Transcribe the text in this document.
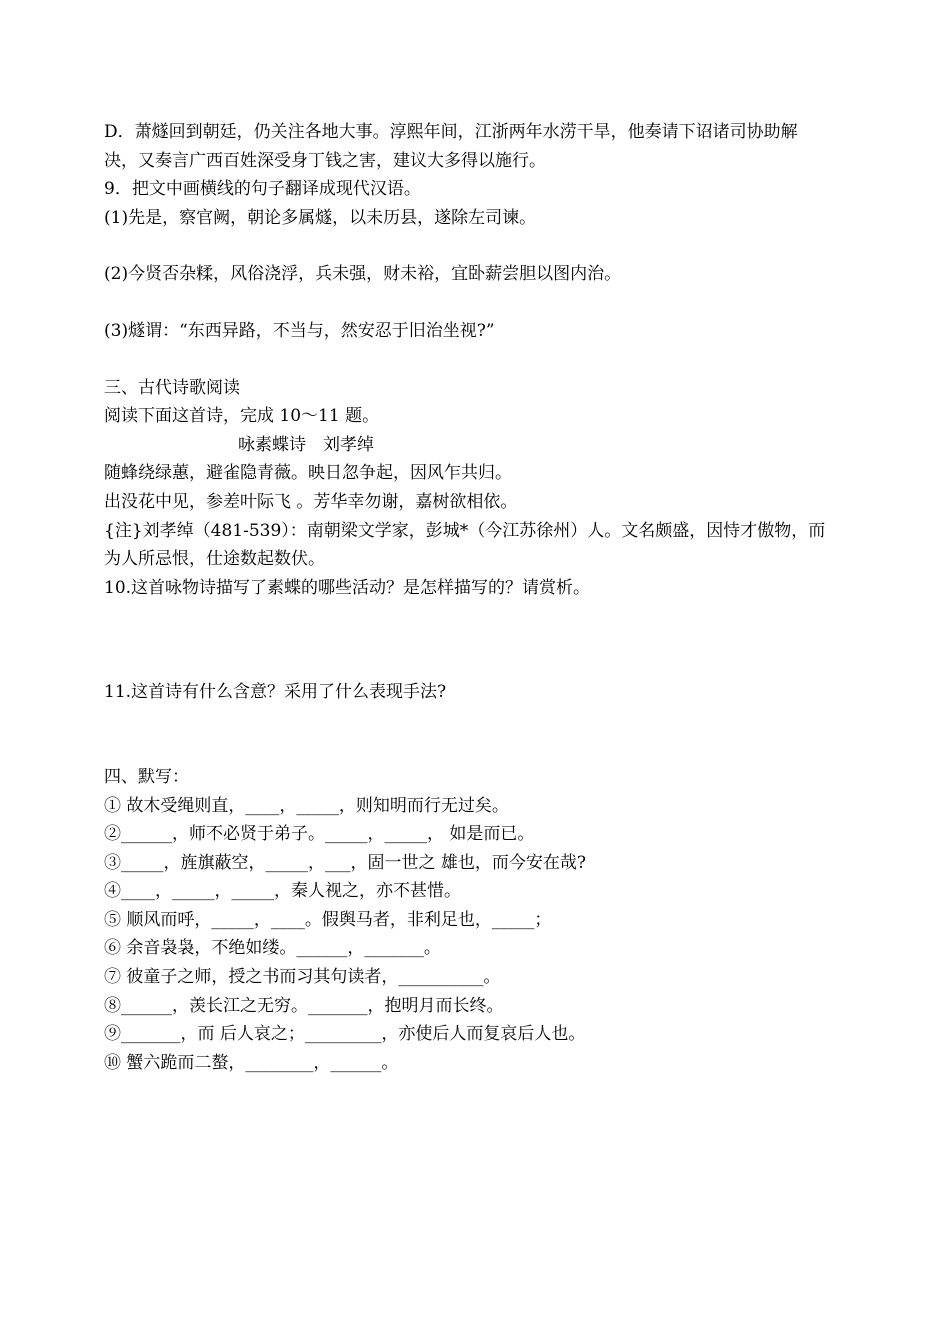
D．萧燧回到朝廷，仍关注各地大事。淳熙年间，江浙两年水涝干旱，他奏请下诏诸司协助解
决，又奏言广西百姓深受身丁钱之害，建议大多得以施行。
9．把文中画横线的句子翻译成现代汉语。
(1)先是，察官阙，朝论多属燧，以未历县，遂除左司谏。
(2)今贤否杂糅，风俗浇浮，兵未强，财未裕，宜卧薪尝胆以图内治。
(3)燧谓：“东西异路，不当与，然安忍于旧治坐视?”
三、古代诗歌阅读
阅读下面这首诗，完成 10～11 题。
咏素蝶诗　刘孝绰
随蜂绕绿蕙，避雀隐青薇。映日忽争起，因风乍共归。
出没花中见，参差叶际飞 。芳华幸勿谢，嘉树欲相依。
{注}刘孝绰（481-539）：南朝梁文学家，彭城*（今江苏徐州）人。文名颇盛，因恃才傲物，而
为人所忌恨，仕途数起数伏。
10.这首咏物诗描写了素蝶的哪些活动？是怎样描写的？请赏析。
11.这首诗有什么含意？采用了什么表现手法?
四、默写：
① 故木受绳则直，____，_____，则知明而行无过矣。
②______，师不必贤于弟子。_____，_____， 如是而已。
③_____，旌旗蔽空，_____，___，固一世之 雄也，而今安在哉?
④____，_____，_____，秦人视之，亦不甚惜。
⑤ 顺风而呼，_____，____。假舆马者，非利足也，_____；
⑥ 余音袅袅，不绝如缕。______，_______。
⑦ 彼童子之师，授之书而习其句读者，__________。
⑧______，羡长江之无穷。_______，抱明月而长终。
⑨_______，而 后人哀之；_________，亦使后人而复哀后人也。
⑩ 蟹六跪而二螯，________，______。
